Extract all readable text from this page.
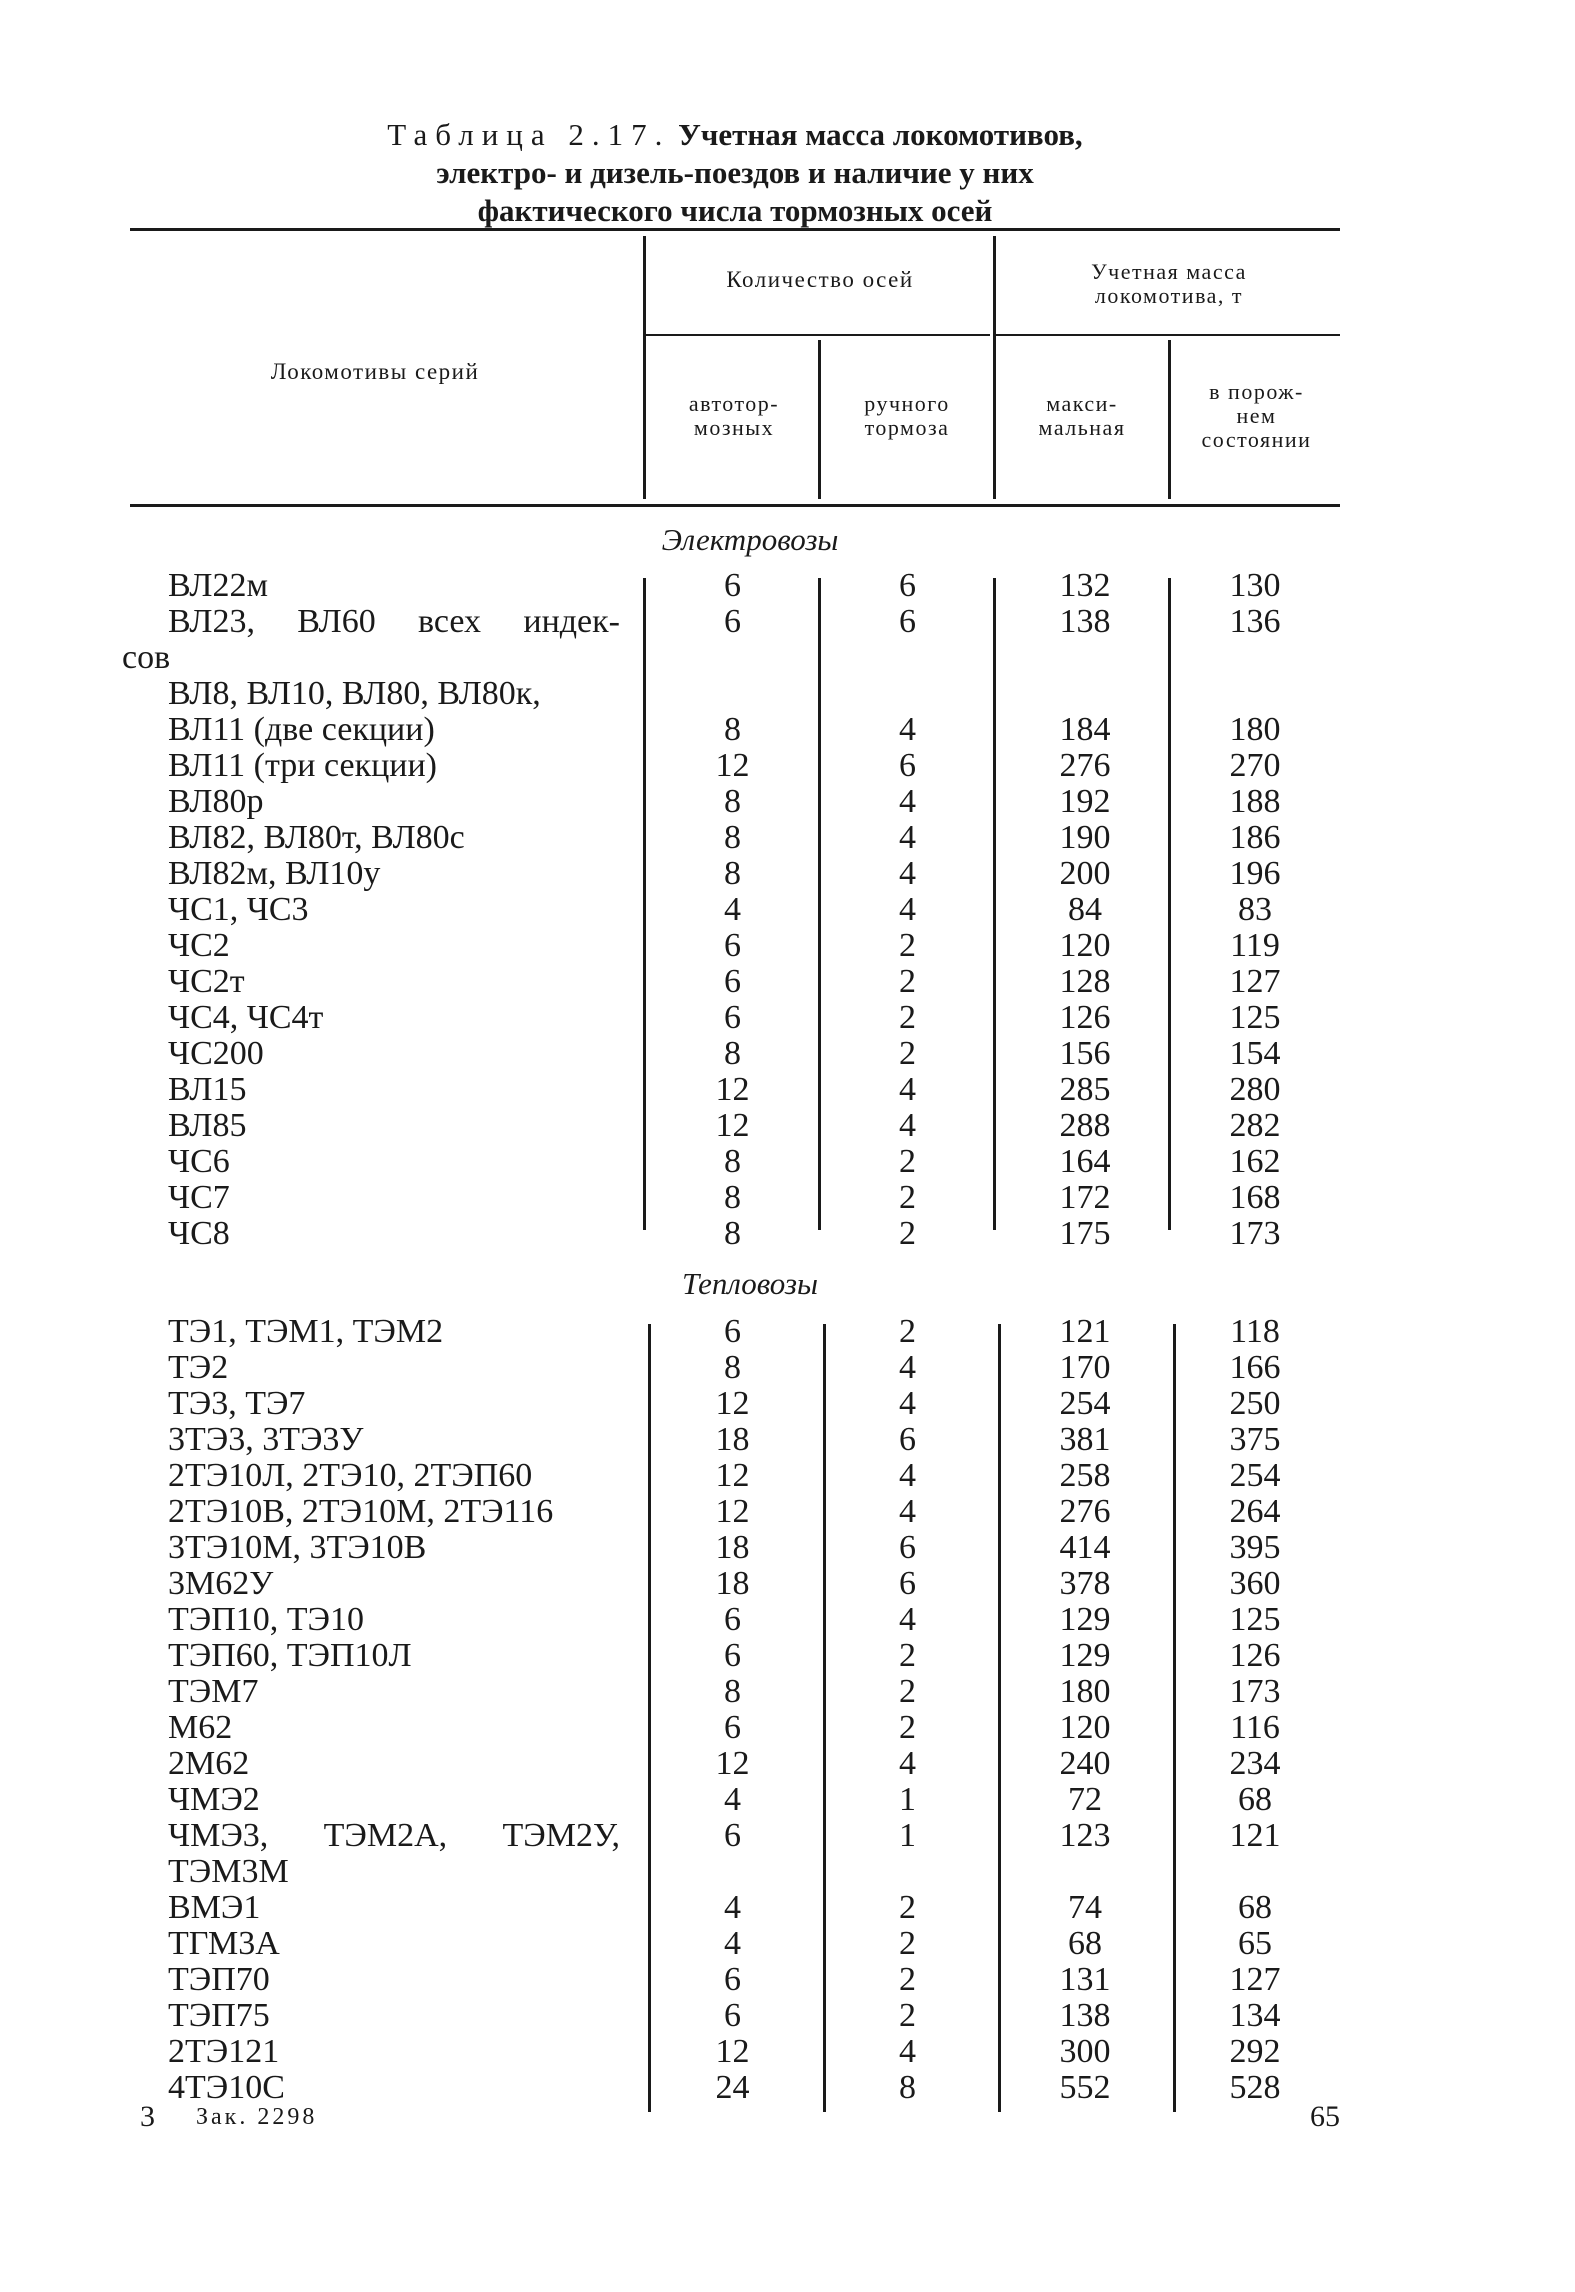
Таблица 2.17. Учетная масса локомотивов,
электро- и дизель-поездов и наличие у них
фактического числа тормозных осей
Локомотивы серий
Количество осей
автотор-
мозных
ручного
тормоза
Учетная масса
локомотива, т
макси-
мальная
в порож-
нем
состоянии
Электровозы
ВЛ22м	6	6	132	130
ВЛ23, ВЛ60 всех индек-
сов
6	6	138	136
ВЛ8, ВЛ10, ВЛ80, ВЛ80к,
ВЛ11 (две секции)	8	4	184	180
ВЛ11 (три секции)	12	6	276	270
ВЛ80р	8	4	192	188
ВЛ82, ВЛ80т, ВЛ80с	8	4	190	186
ВЛ82м, ВЛ10у	8	4	200	196
ЧС1, ЧС3	4	4	84	83
ЧС2	6	2	120	119
ЧС2т	6	2	128	127
ЧС4, ЧС4т	6	2	126	125
ЧС200	8	2	156	154
ВЛ15	12	4	285	280
ВЛ85	12	4	288	282
ЧС6	8	2	164	162
ЧС7	8	2	172	168
ЧС8	8	2	175	173
Тепловозы
ТЭ1, ТЭМ1, ТЭМ2	6	2	121	118
ТЭ2	8	4	170	166
ТЭ3, ТЭ7	12	4	254	250
3ТЭ3, 3ТЭ3У	18	6	381	375
2ТЭ10Л, 2ТЭ10, 2ТЭП60	12	4	258	254
2ТЭ10В, 2ТЭ10М, 2ТЭ116	12	4	276	264
3ТЭ10М, 3ТЭ10В	18	6	414	395
3М62У	18	6	378	360
ТЭП10, ТЭ10	6	4	129	125
ТЭП60, ТЭП10Л	6	2	129	126
ТЭМ7	8	2	180	173
М62	6	2	120	116
2М62	12	4	240	234
ЧМЭ2	4	1	72	68
ЧМЭ3, ТЭМ2А, ТЭМ2У,
ТЭМ3М
6	1	123	121
ВМЭ1	4	2	74	68
ТГМ3А	4	2	68	65
ТЭП70	6	2	131	127
ТЭП75	6	2	138	134
2ТЭ121	12	4	300	292
4ТЭ10С	24	8	552	528
3 Зак. 2298	65
